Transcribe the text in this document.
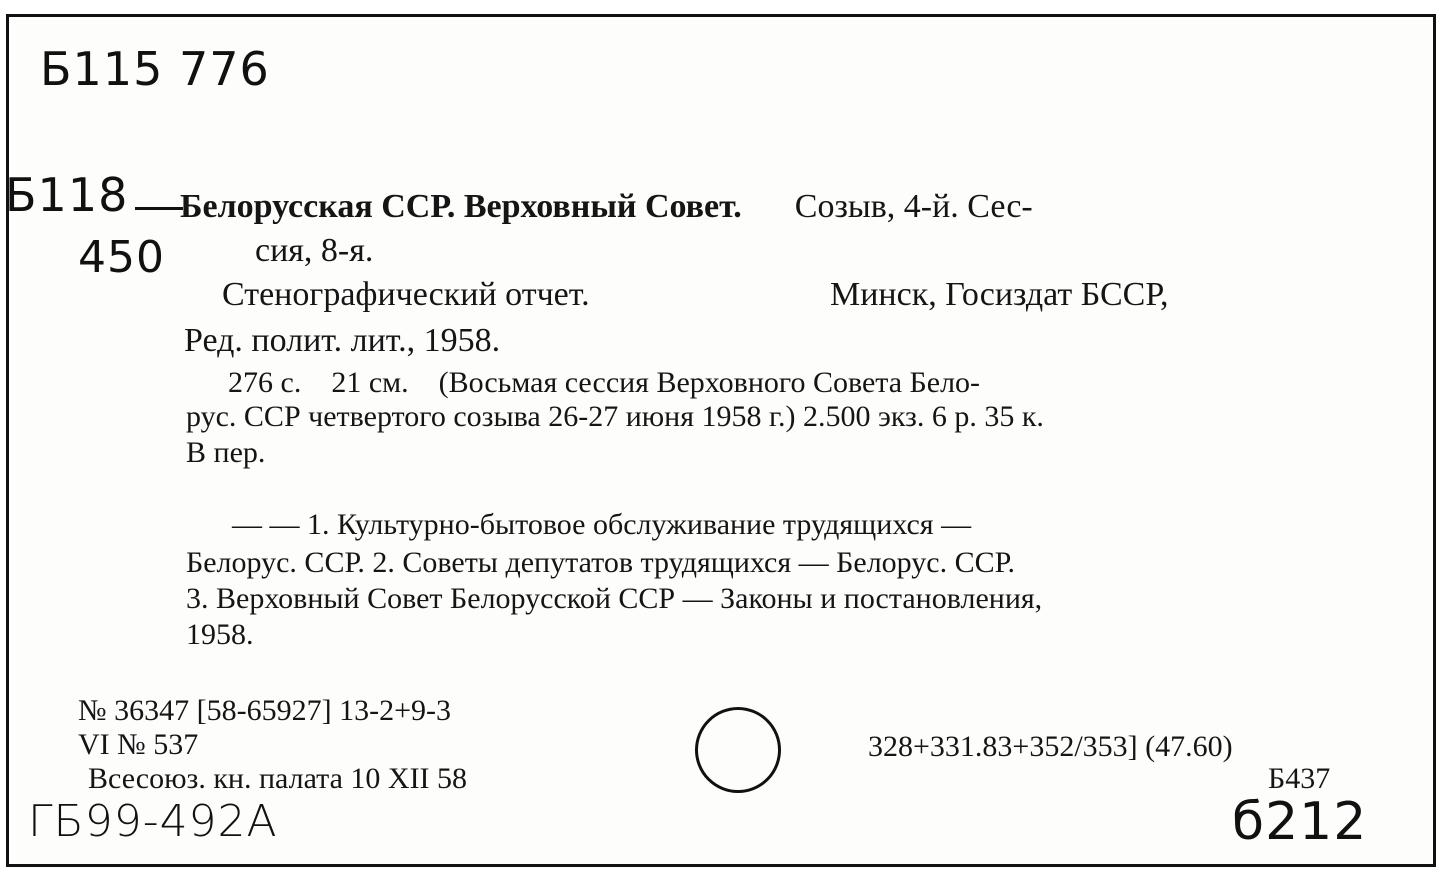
Б115 776
Б118
450
Белорусская ССР. Верховный Совет. Созыв, 4-й. Сес-
сия, 8-я.
Стенографический отчет.	Минск, Госиздат БССР,
Ред. полит. лит., 1958.
276 с.    21 см.    (Восьмая сессия Верховного Совета Бело-
рус. ССР четвертого созыва 26-27 июня 1958 г.) 2.500 экз. 6 р. 35 к.
В пер.
— — 1. Культурно-бытовое обслуживание трудящихся —
Белорус. ССР. 2. Советы депутатов трудящихся — Белорус. ССР.
3. Верховный Совет Белорусской ССР — Законы и постановления,
1958.
№ 36347 [58-65927] 13-2+9-3
VI № 537
Всесоюз. кн. палата 10 XII 58
328+331.83+352/353] (47.60)
Б437
ГБ99-492А	б212
